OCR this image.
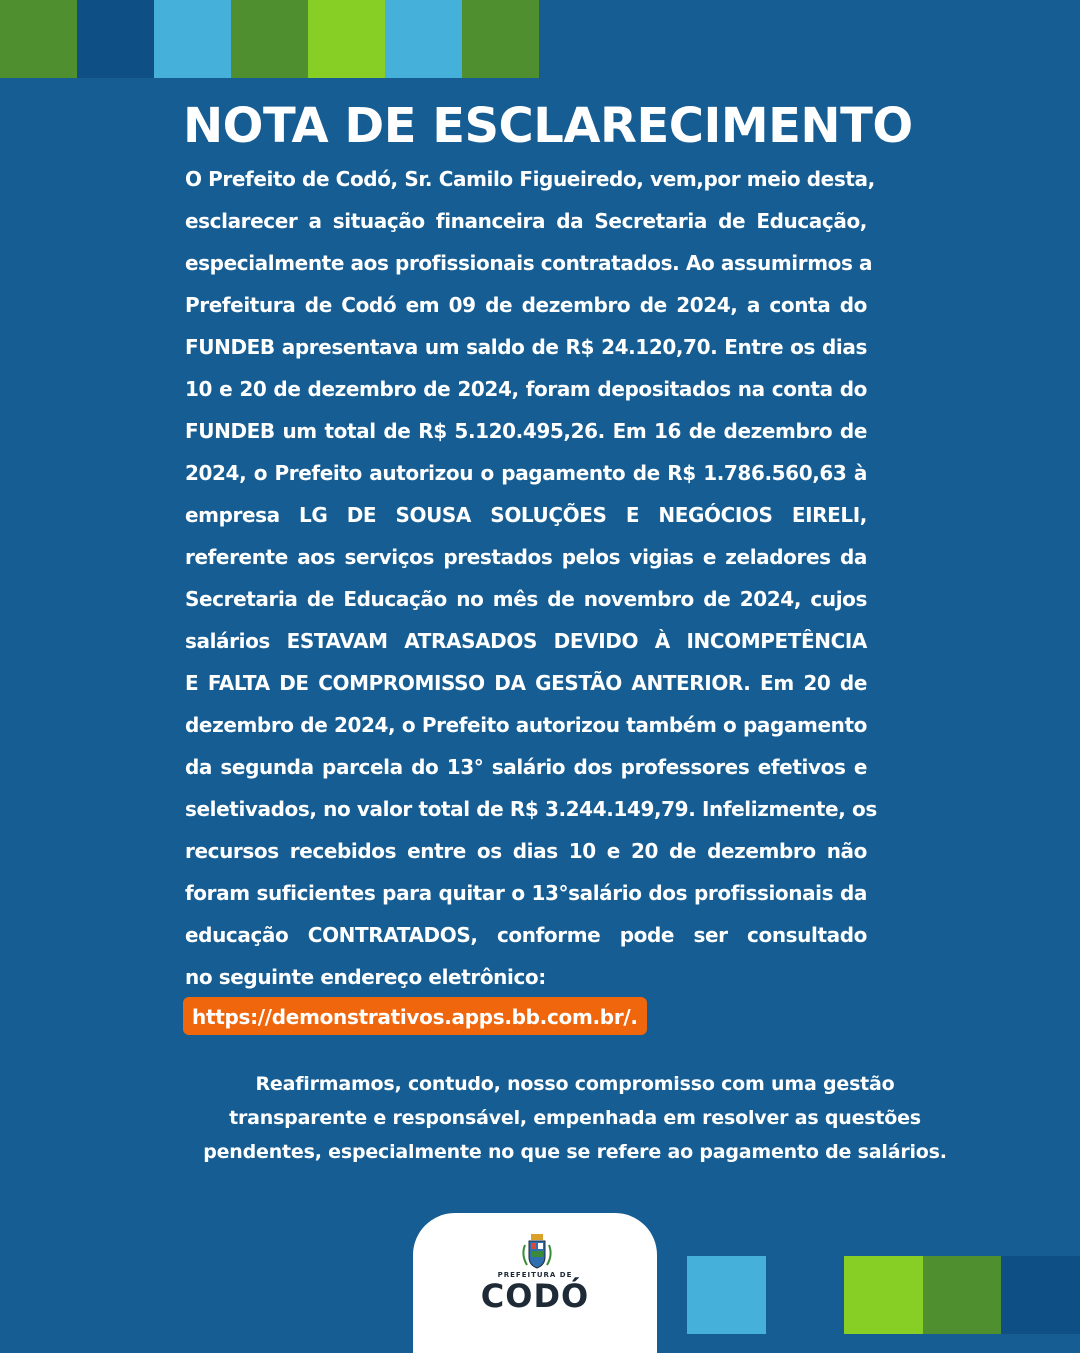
NOTA DE ESCLARECIMENTO
O Prefeito de Codó, Sr. Camilo Figueiredo, vem,por meio desta,
esclarecer a situação financeira da Secretaria de Educação,
especialmente aos profissionais contratados. Ao assumirmos a
Prefeitura de Codó em 09 de dezembro de 2024, a conta do
FUNDEB apresentava um saldo de R$ 24.120,70. Entre os dias
10 e 20 de dezembro de 2024, foram depositados na conta do
FUNDEB um total de R$ 5.120.495,26. Em 16 de dezembro de
2024, o Prefeito autorizou o pagamento de R$ 1.786.560,63 à
empresa LG DE SOUSA SOLUÇÕES E NEGÓCIOS EIRELI,
referente aos serviços prestados pelos vigias e zeladores da
Secretaria de Educação no mês de novembro de 2024, cujos
salários ESTAVAM ATRASADOS DEVIDO À INCOMPETÊNCIA
E FALTA DE COMPROMISSO DA GESTÃO ANTERIOR. Em 20 de
dezembro de 2024, o Prefeito autorizou também o pagamento
da segunda parcela do 13° salário dos professores efetivos e
seletivados, no valor total de R$ 3.244.149,79. Infelizmente, os
recursos recebidos entre os dias 10 e 20 de dezembro não
foram suficientes para quitar o 13°salário dos profissionais da
educação CONTRATADOS, conforme pode ser consultado
no seguinte endereço eletrônico:
https://demonstrativos.apps.bb.com.br/.
Reafirmamos, contudo, nosso compromisso com uma gestão
transparente e responsável, empenhada em resolver as questões
pendentes, especialmente no que se refere ao pagamento de salários.
PREFEITURA DE
CODÓ
